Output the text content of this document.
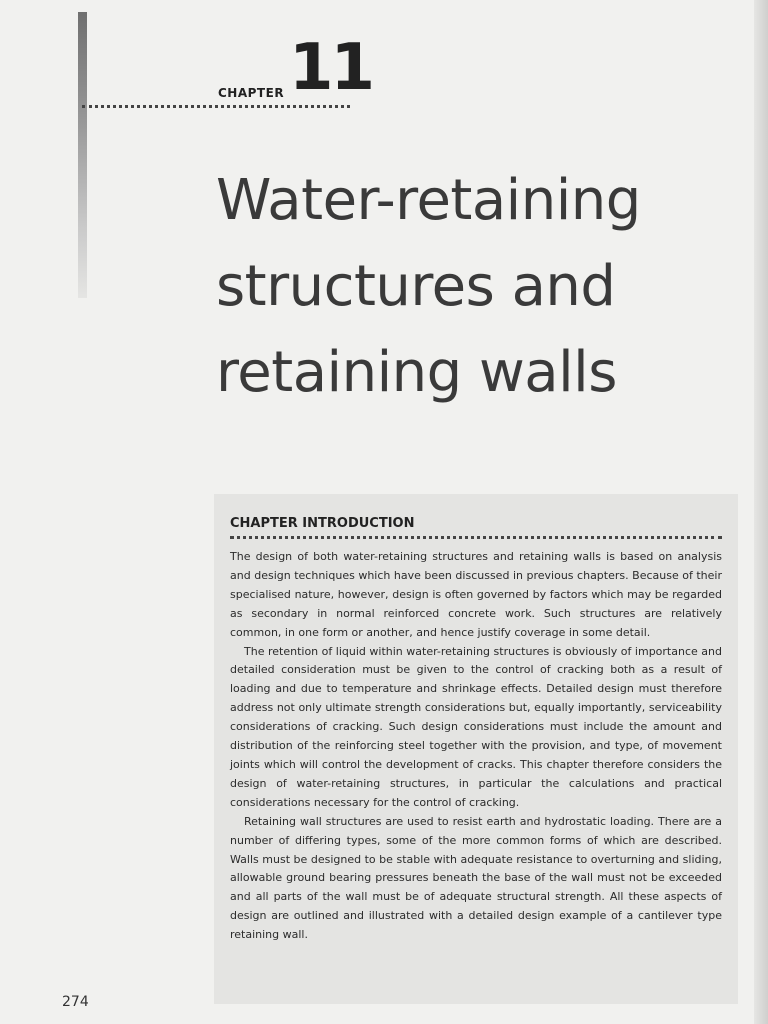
CHAPTER 11
Water-retaining
structures and
retaining walls
CHAPTER INTRODUCTION

The design of both water-retaining structures and retaining walls is based on analysis and design techniques which have been discussed in previous chapters. Because of their specialised nature, however, design is often governed by factors which may be regarded as secondary in normal reinforced concrete work. Such structures are relatively common, in one form or another, and hence justify coverage in some detail.

The retention of liquid within water-retaining structures is obviously of importance and detailed consideration must be given to the control of cracking both as a result of loading and due to temperature and shrinkage effects. Detailed design must therefore address not only ultimate strength considerations but, equally importantly, serviceability considerations of cracking. Such design considerations must include the amount and distribution of the reinforcing steel together with the provision, and type, of movement joints which will control the development of cracks. This chapter therefore considers the design of water-retaining structures, in particular the calculations and practical considerations necessary for the control of cracking.

Retaining wall structures are used to resist earth and hydrostatic loading. There are a number of differing types, some of the more common forms of which are described. Walls must be designed to be stable with adequate resistance to overturning and sliding, allowable ground bearing pressures beneath the base of the wall must not be exceeded and all parts of the wall must be of adequate structural strength. All these aspects of design are outlined and illustrated with a detailed design example of a cantilever type retaining wall.

274
